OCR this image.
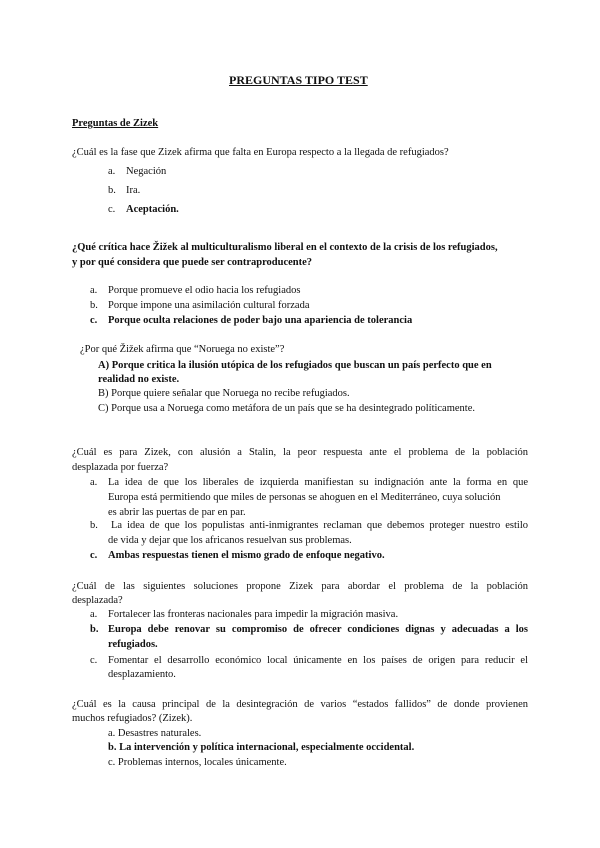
PREGUNTAS TIPO TEST
Preguntas de Zizek
¿Cuál es la fase que Zizek afirma que falta en Europa respecto a la llegada de refugiados?
a. Negación
b. Ira.
c. Aceptación.
¿Qué crítica hace Žižek al multiculturalismo liberal en el contexto de la crisis de los refugiados,
y por qué considera que puede ser contraproducente?
a. Porque promueve el odio hacia los refugiados
b. Porque impone una asimilación cultural forzada
c. Porque oculta relaciones de poder bajo una apariencia de tolerancia
¿Por qué Žižek afirma que “Noruega no existe”?
A) Porque critica la ilusión utópica de los refugiados que buscan un país perfecto que en
realidad no existe.
B) Porque quiere señalar que Noruega no recibe refugiados.
C) Porque usa a Noruega como metáfora de un país que se ha desintegrado políticamente.
¿Cuál es para Zizek, con alusión a Stalin, la peor respuesta ante el problema de la población
desplazada por fuerza?
a. La idea de que los liberales de izquierda manifiestan su indignación ante la forma en que
Europa está permitiendo que miles de personas se ahoguen en el Mediterráneo, cuya solución
es abrir las puertas de par en par.
b. La idea de que los populistas anti-inmigrantes reclaman que debemos proteger nuestro estilo
de vida y dejar que los africanos resuelvan sus problemas.
c. Ambas respuestas tienen el mismo grado de enfoque negativo.
¿Cuál de las siguientes soluciones propone Zizek para abordar el problema de la población
desplazada?
a. Fortalecer las fronteras nacionales para impedir la migración masiva.
b. Europa debe renovar su compromiso de ofrecer condiciones dignas y adecuadas a los
refugiados.
c. Fomentar el desarrollo económico local únicamente en los países de origen para reducir el
desplazamiento.
¿Cuál es la causa principal de la desintegración de varios “estados fallidos” de donde provienen
muchos refugiados? (Zizek).
a. Desastres naturales.
b. La intervención y política internacional, especialmente occidental.
c. Problemas internos, locales únicamente.
